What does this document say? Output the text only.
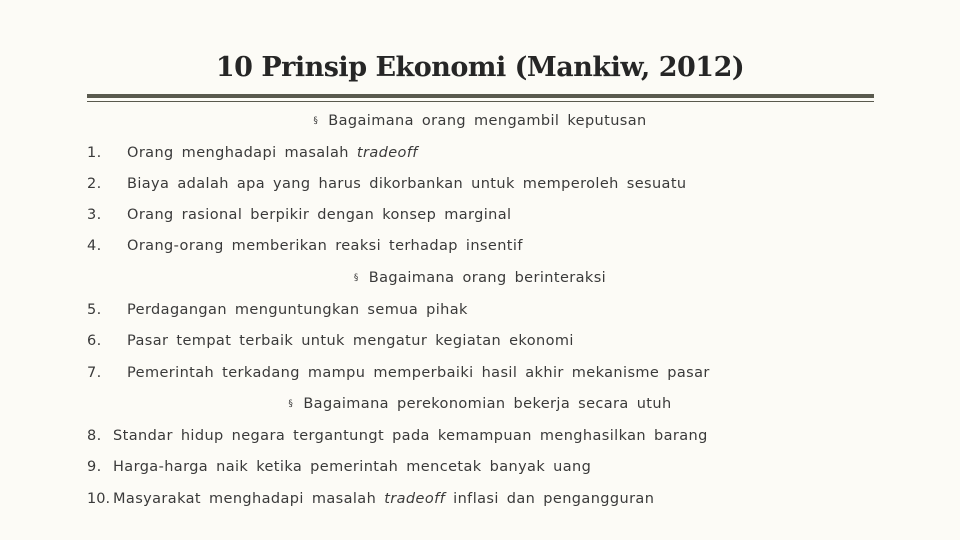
10 Prinsip Ekonomi (Mankiw, 2012)
§ Bagaimana orang mengambil keputusan
1. Orang menghadapi masalah tradeoff
2. Biaya adalah apa yang harus dikorbankan untuk memperoleh sesuatu
3. Orang rasional berpikir dengan konsep marginal
4. Orang-orang memberikan reaksi terhadap insentif
§ Bagaimana orang berinteraksi
5. Perdagangan menguntungkan semua pihak
6. Pasar tempat terbaik untuk mengatur kegiatan ekonomi
7. Pemerintah terkadang mampu memperbaiki hasil akhir mekanisme pasar
§ Bagaimana perekonomian bekerja secara utuh
8. Standar hidup negara tergantungt pada kemampuan menghasilkan barang
9. Harga-harga naik ketika pemerintah mencetak banyak uang
10. Masyarakat menghadapi masalah tradeoff inflasi dan pengangguran
